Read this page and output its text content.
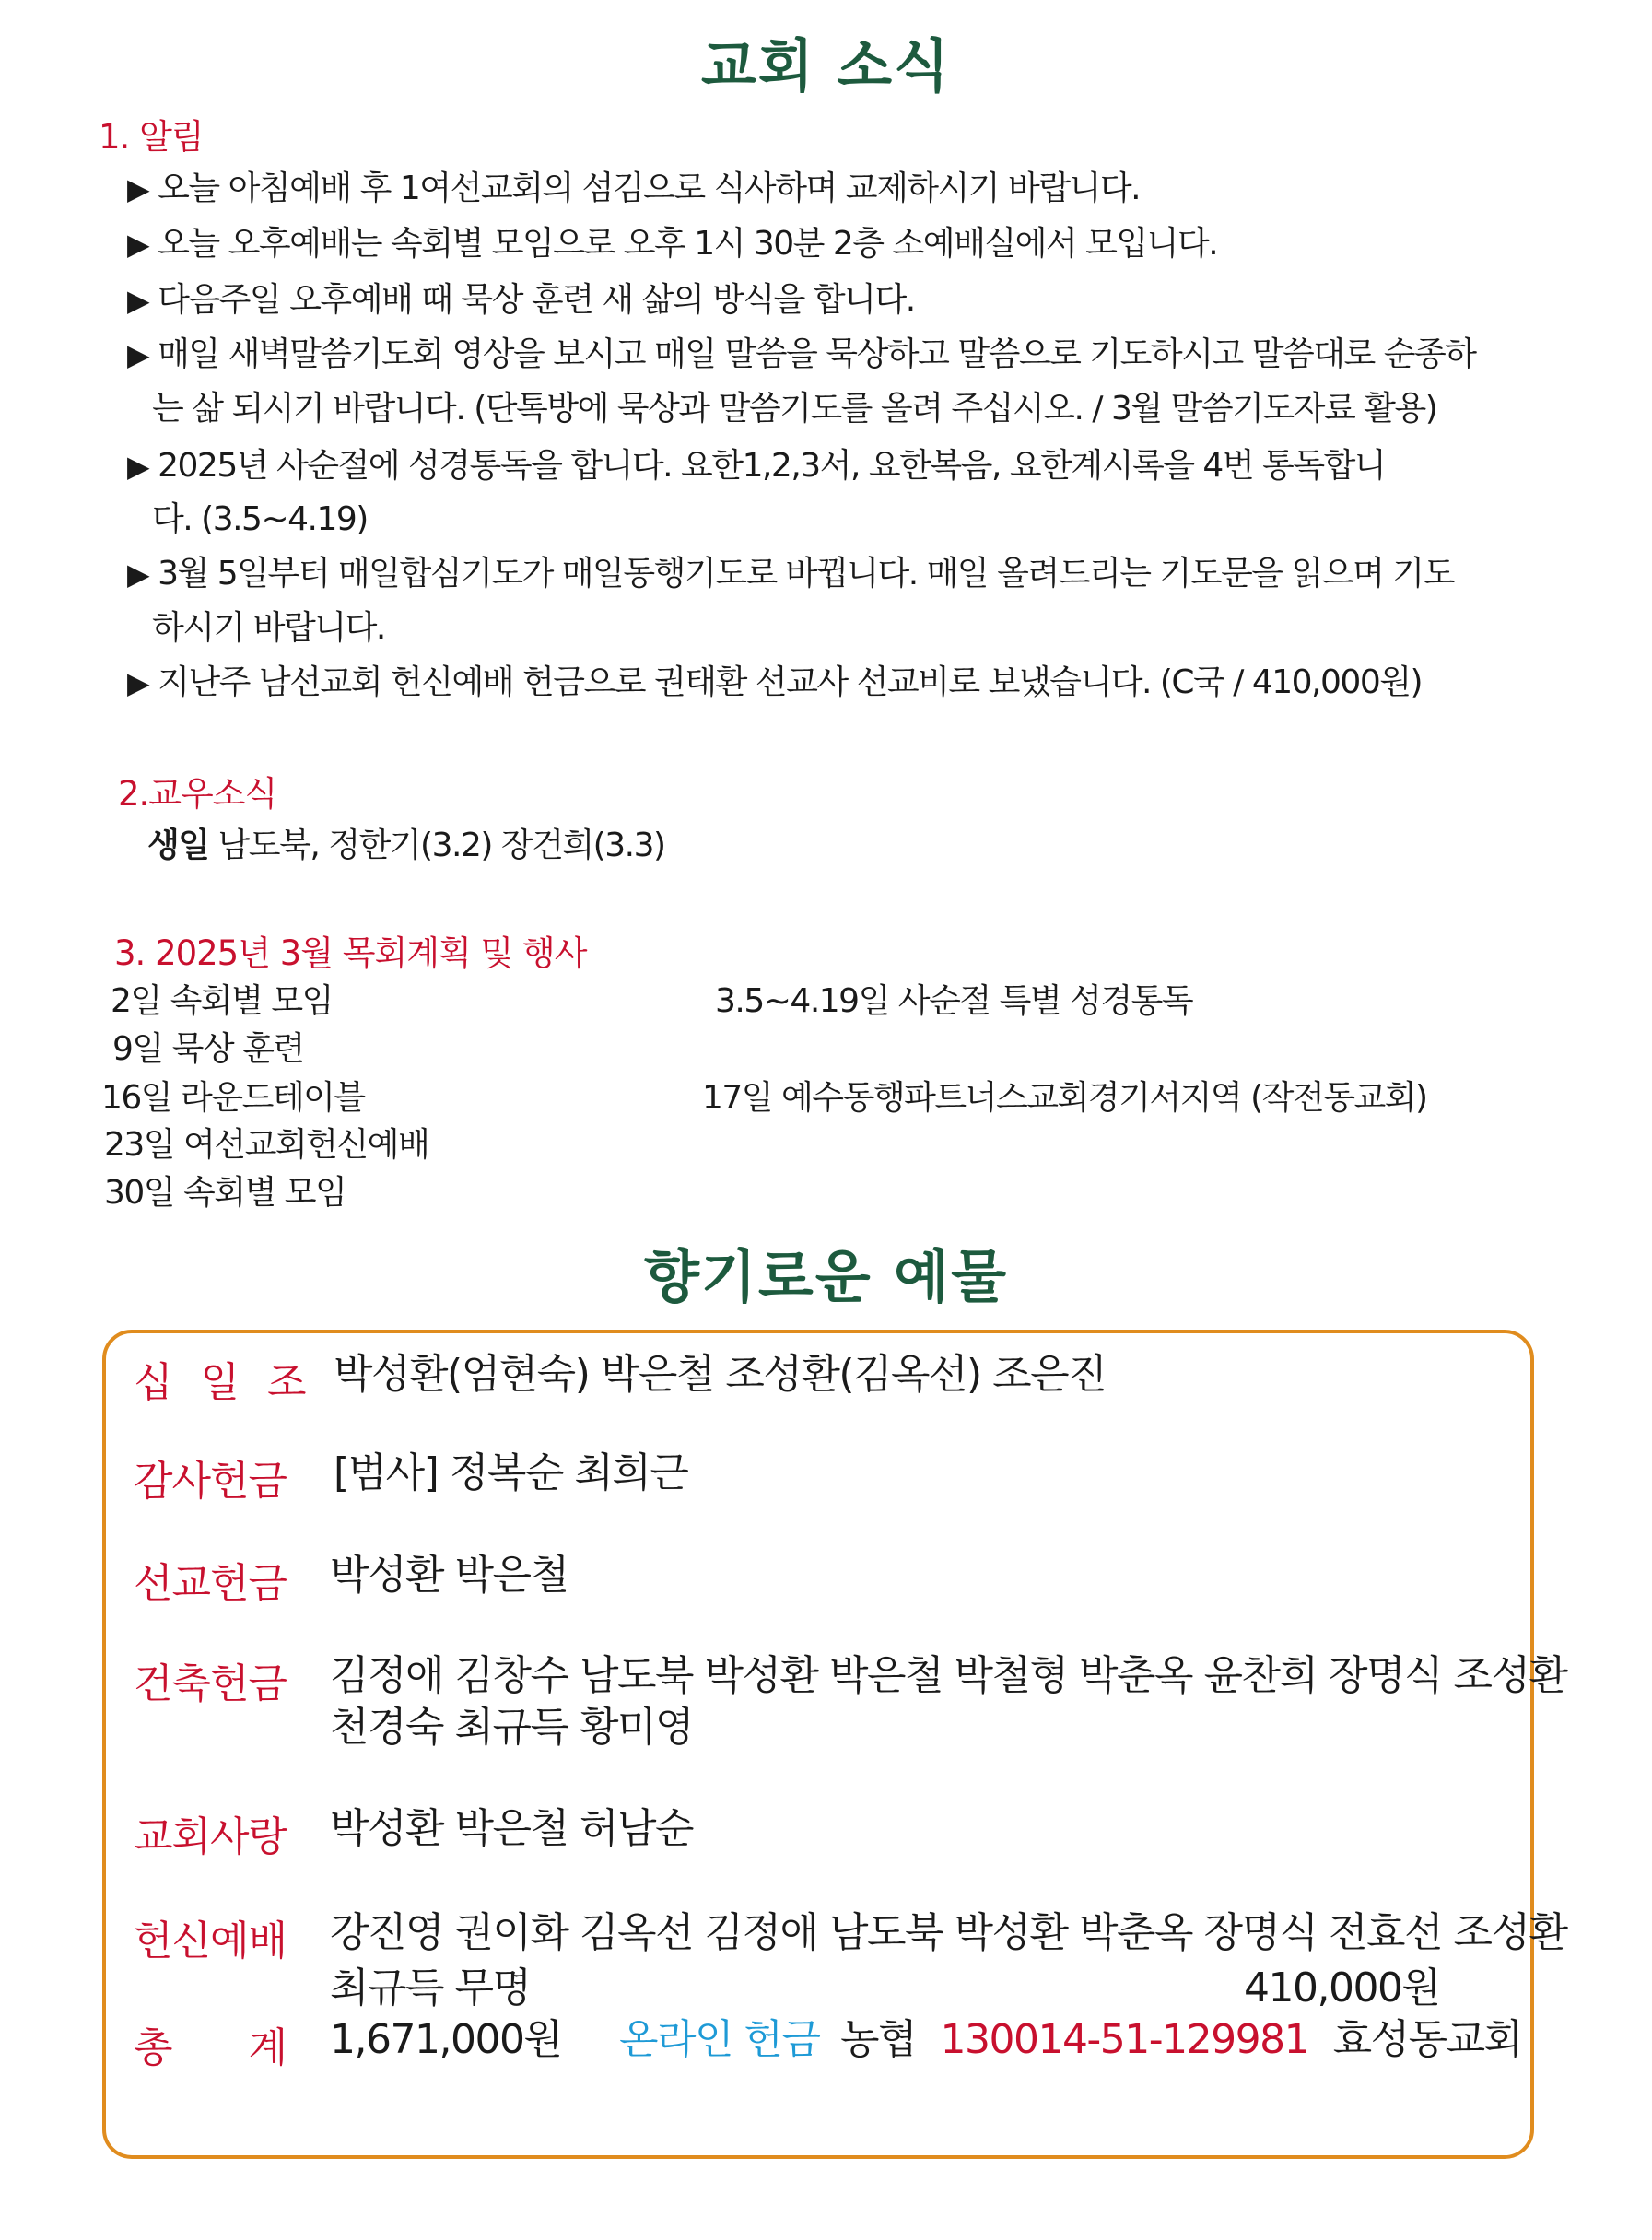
교회 소식
1. 알림
▶ 오늘 아침예배 후 1여선교회의 섬김으로 식사하며 교제하시기 바랍니다.
▶ 오늘 오후예배는 속회별 모임으로 오후 1시 30분 2층 소예배실에서 모입니다.
▶ 다음주일 오후예배 때 묵상 훈련 새 삶의 방식을 합니다.
▶ 매일 새벽말씀기도회 영상을 보시고 매일 말씀을 묵상하고 말씀으로 기도하시고 말씀대로 순종하
는 삶 되시기 바랍니다. (단톡방에 묵상과 말씀기도를 올려 주십시오. / 3월 말씀기도자료 활용)
▶ 2025년 사순절에 성경통독을 합니다. 요한1,2,3서, 요한복음, 요한계시록을 4번 통독합니
다. (3.5~4.19)
▶ 3월 5일부터 매일합심기도가 매일동행기도로 바뀝니다. 매일 올려드리는 기도문을 읽으며 기도
하시기 바랍니다.
▶ 지난주 남선교회 헌신예배 헌금으로 권태환 선교사 선교비로 보냈습니다. (C국 / 410,000원)
2.교우소식
생일 남도북, 정한기(3.2) 장건희(3.3)
3. 2025년 3월 목회계획 및 행사
2일 속회별 모임
9일 묵상 훈련
16일 라운드테이블
23일 여선교회헌신예배
30일 속회별 모임
3.5~4.19일 사순절 특별 성경통독
17일 예수동행파트너스교회경기서지역 (작전동교회)
향기로운 예물
십 일 조 박성환(엄현숙) 박은철 조성환(김옥선) 조은진
감사헌금 [범사] 정복순 최희근
선교헌금 박성환 박은철
건축헌금 김정애 김창수 남도북 박성환 박은철 박철형 박춘옥 윤찬희 장명식 조성환
천경숙 최규득 황미영
교회사랑 박성환 박은철 허남순
헌신예배 강진영 권이화 김옥선 김정애 남도북 박성환 박춘옥 장명식 전효선 조성환
최규득 무명	410,000원
총 계 1,671,000원 온라인 헌금 농협 130014-51-129981 효성동교회
